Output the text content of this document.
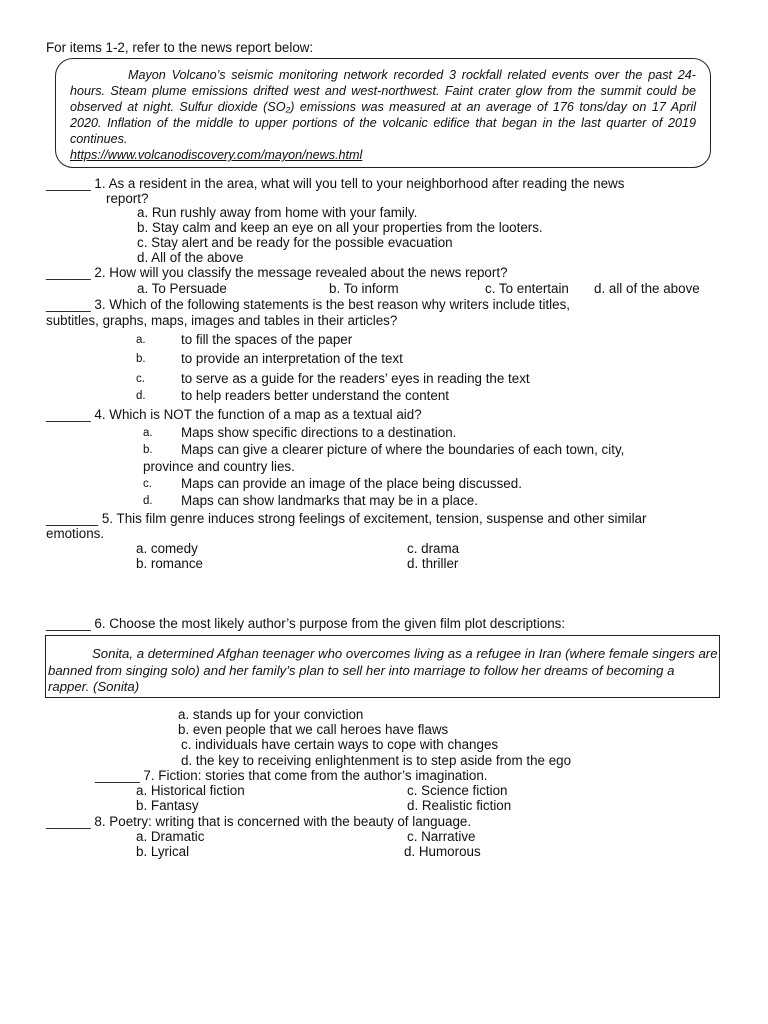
For items 1-2, refer to the news report below:
Mayon Volcano’s seismic monitoring network recorded 3 rockfall related events over the past 24-hours. Steam plume emissions drifted west and west-northwest. Faint crater glow from the summit could be observed at night. Sulfur dioxide (SO₂) emissions was measured at an average of 176 tons/day on 17 April 2020. Inflation of the middle to upper portions of the volcanic edifice that began in the last quarter of 2019 continues.
https://www.volcanodiscovery.com/mayon/news.html
______ 1. As a resident in the area, what will you tell to your neighborhood after reading the news
report?
a. Run rushly away from home with your family.
b. Stay calm and keep an eye on all your properties from the looters.
c. Stay alert and be ready for the possible evacuation
d. All of the above
______ 2. How will you classify the message revealed about the news report?
a. To Persuade	b. To inform	c. To entertain d. all of the above
______ 3. Which of the following statements is the best reason why writers include titles,
subtitles, graphs, maps, images and tables in their articles?
a.	to fill the spaces of the paper
b.	to provide an interpretation of the text
c.	to serve as a guide for the readers’ eyes in reading the text
d.	to help readers better understand the content
______ 4. Which is NOT the function of a map as a textual aid?
a. Maps show specific directions to a destination.
b. Maps can give a clearer picture of where the boundaries of each town, city,
province and country lies.
c. Maps can provide an image of the place being discussed.
d. Maps can show landmarks that may be in a place.
_______ 5. This film genre induces strong feelings of excitement, tension, suspense and other similar
emotions.
a. comedy
b. romance
c. drama
d. thriller
______ 6. Choose the most likely author’s purpose from the given film plot descriptions:
Sonita, a determined Afghan teenager who overcomes living as a refugee in Iran (where female singers are banned from singing solo) and her family’s plan to sell her into marriage to follow her dreams of becoming a rapper. (Sonita)
a. stands up for your conviction
b. even people that we call heroes have flaws
c. individuals have certain ways to cope with changes
d. the key to receiving enlightenment is to step aside from the ego
______ 7. Fiction: stories that come from the author’s imagination.
a. Historical fiction
b. Fantasy
c. Science fiction
d. Realistic fiction
______ 8. Poetry: writing that is concerned with the beauty of language.
a. Dramatic
b. Lyrical
c. Narrative
d. Humorous
